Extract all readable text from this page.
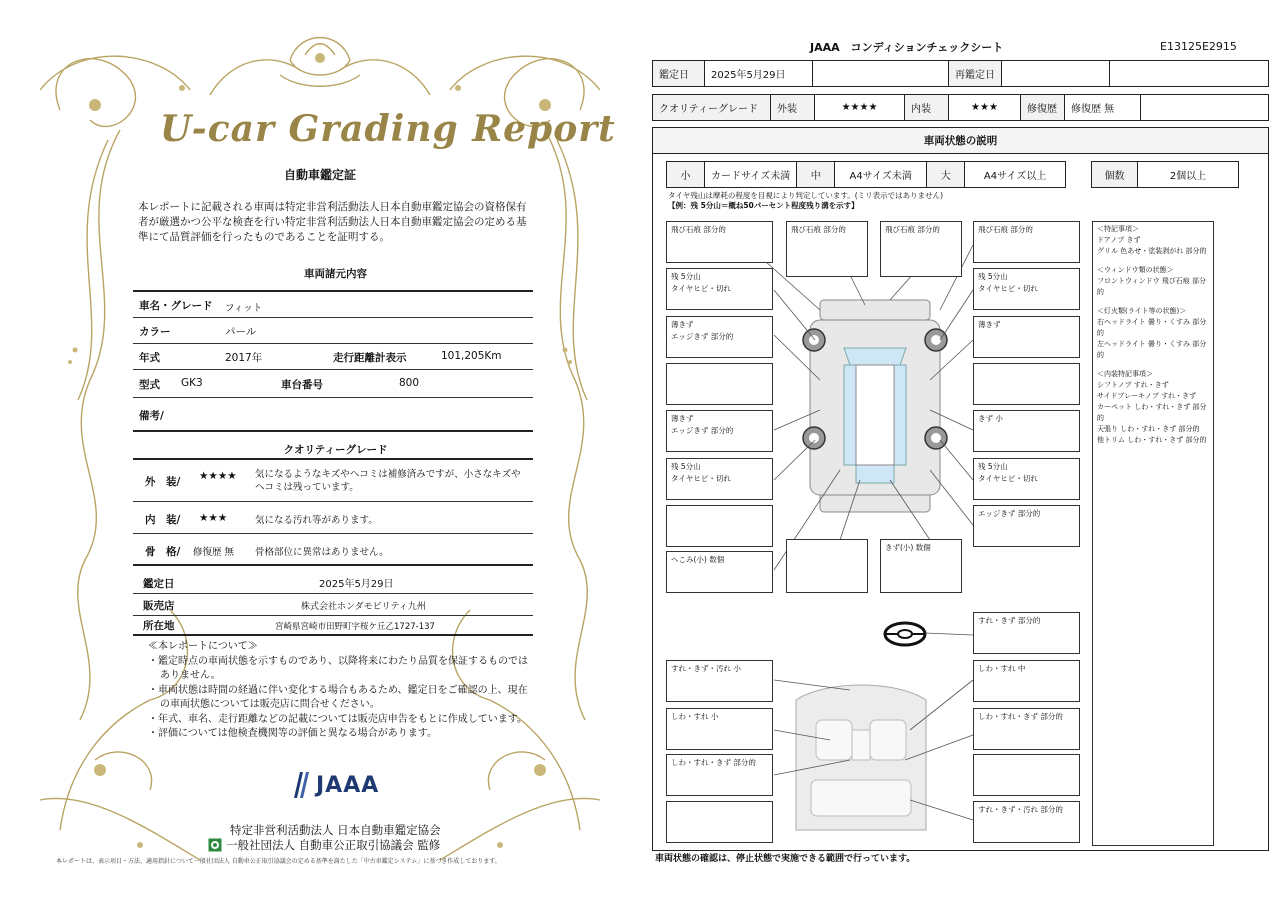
U-car Grading Report
自動車鑑定証
本レポートに記載される車両は特定非営利活動法人日本自動車鑑定協会の資格保有者が厳選かつ公平な検査を行い特定非営利活動法人日本自動車鑑定協会の定める基準にて品質評価を行ったものであることを証明する。
車両諸元内容
車名・グレード フィット
カラー	パール
年式	2017年	走行距離計表示	101,205Km
型式 GK3	車台番号	800
備考/
クオリティーグレード
外　装/ ★★★★ 気になるようなキズやヘコミは補修済みですが、小さなキズやヘコミは残っています。
内　装/ ★★★	気になる汚れ等があります。
骨　格/ 修復歴 無 骨格部位に異常はありません。
鑑定日	2025年5月29日
販売店	株式会社ホンダモビリティ九州
所在地	宮崎県宮崎市田野町字桜ケ丘乙1727-137
≪本レポートについて≫
・鑑定時点の車両状態を示すものであり、以降将来にわたり品質を保証するものではありません。
・車両状態は時間の経過に伴い変化する場合もあるため、鑑定日をご確認の上、現在の車両状態については販売店に問合せください。
・年式、車名、走行距離などの記載については販売店申告をもとに作成しています。
・評価については他検査機関等の評価と異なる場合があります。
JAAA
特定非営利活動法人 日本自動車鑑定協会
一般社団法人 自動車公正取引協議会 監修
本レポートは、表示項目・方法、適用指針について一般社団法人 自動車公正取引協議会の定める基準を満たした「中古車鑑定システム」に基づき作成しております。
JAAA　コンディションチェックシート	E13125E2915
鑑定日	2025年5月29日		再鑑定日		
クオリティーグレード	外装	★★★★	内装	★★★	修復歴	修復歴 無	
車両状態の説明
小	カードサイズ未満	中	A4サイズ未満	大	A4サイズ以上	個数	2個以上
タイヤ残山は摩耗の程度を目視により判定しています。(ミリ表示ではありません)
【例：残 5分山＝概ね50パーセント程度残り溝を示す】
飛び石痕 部分的	飛び石痕 部分的	飛び石痕 部分的	飛び石痕 部分的
残 5分山
タイヤヒビ・切れ
残 5分山
タイヤヒビ・切れ
薄きず
エッジきず 部分的
薄きず
薄きず
エッジきず 部分的
きず 小
残 5分山
タイヤヒビ・切れ
残 5分山
タイヤヒビ・切れ
エッジきず 部分的
へこみ(小) 数個
きず(小) 数個
すれ・きず 部分的
すれ・きず・汚れ 小	しわ・すれ 中
しわ・すれ 小	しわ・すれ・きず 部分的
しわ・すれ・きず 部分的
すれ・きず・汚れ 部分的
＜特記事項＞
ドアノブ きず
グリル 色あせ・塗装剥がれ 部分的
＜ウィンドウ類の状態＞
フロントウィンドウ 飛び石痕 部分的
＜灯火類(ライト等の状態)＞
右ヘッドライト 曇り・くすみ 部分的
左ヘッドライト 曇り・くすみ 部分的
＜内装特記事項＞
シフトノブ すれ・きず
サイドブレーキノブ すれ・きず
カーペット しわ・すれ・きず 部分的
天張り しわ・すれ・きず 部分的
他トリム しわ・すれ・きず 部分的
車両状態の確認は、停止状態で実施できる範囲で行っています。
